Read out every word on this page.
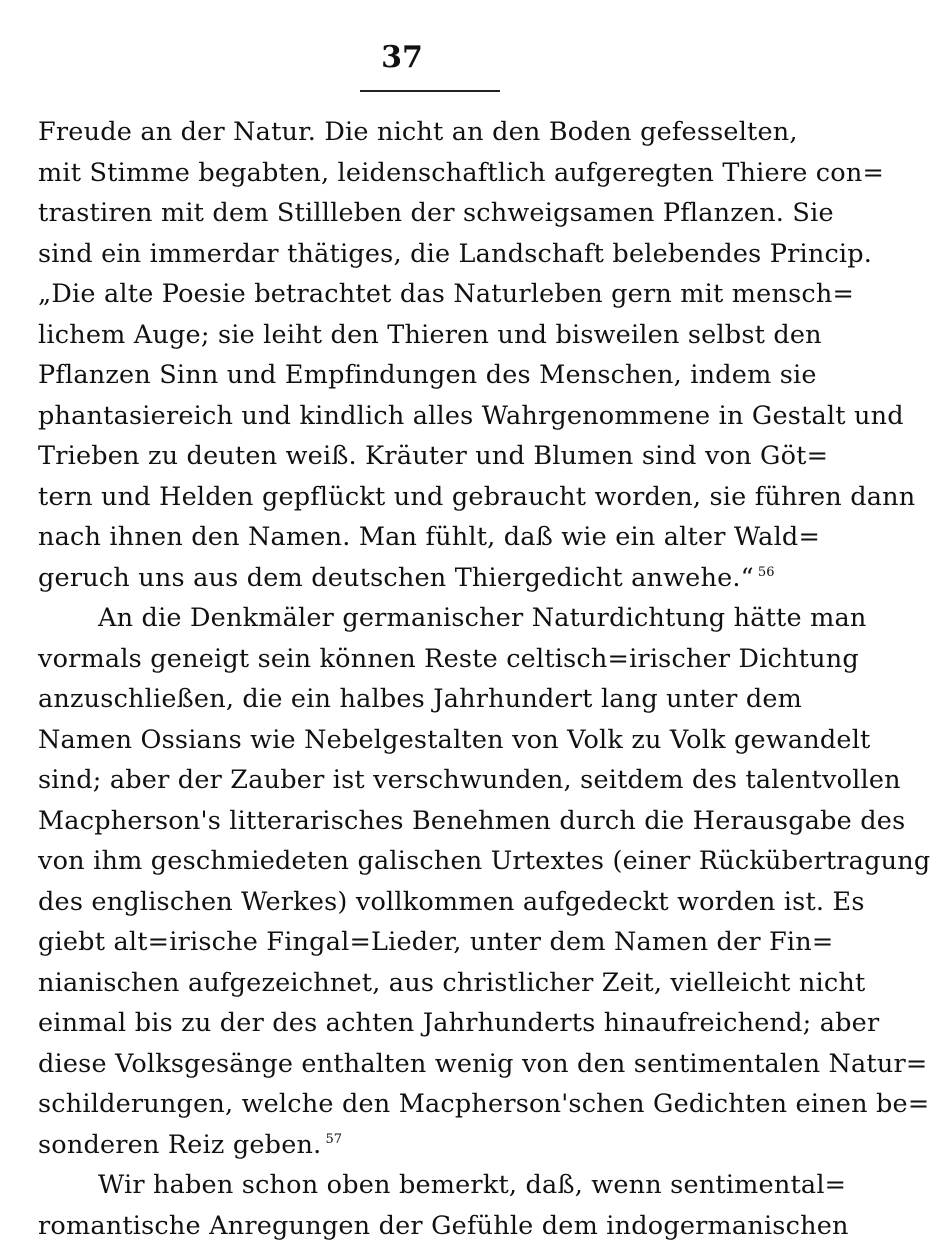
37
Freude an der Natur. Die nicht an den Boden gefesselten,
mit Stimme begabten, leidenschaftlich aufgeregten Thiere con=
trastiren mit dem Stillleben der schweigsamen Pflanzen. Sie
sind ein immerdar thätiges, die Landschaft belebendes Princip.
„Die alte Poesie betrachtet das Naturleben gern mit mensch=
lichem Auge; sie leiht den Thieren und bisweilen selbst den
Pflanzen Sinn und Empfindungen des Menschen, indem sie
phantasiereich und kindlich alles Wahrgenommene in Gestalt und
Trieben zu deuten weiß. Kräuter und Blumen sind von Göt=
tern und Helden gepflückt und gebraucht worden, sie führen dann
nach ihnen den Namen. Man fühlt, daß wie ein alter Wald=
geruch uns aus dem deutschen Thiergedicht anwehe.“ $^{56}$
An die Denkmäler germanischer Naturdichtung hätte man
vormals geneigt sein können Reste celtisch=irischer Dichtung
anzuschließen, die ein halbes Jahrhundert lang unter dem
Namen Ossians wie Nebelgestalten von Volk zu Volk gewandelt
sind; aber der Zauber ist verschwunden, seitdem des talentvollen
Macpherson's litterarisches Benehmen durch die Herausgabe des
von ihm geschmiedeten galischen Urtextes (einer Rückübertragung
des englischen Werkes) vollkommen aufgedeckt worden ist. Es
giebt alt=irische Fingal=Lieder, unter dem Namen der Fin=
nianischen aufgezeichnet, aus christlicher Zeit, vielleicht nicht
einmal bis zu der des achten Jahrhunderts hinaufreichend; aber
diese Volksgesänge enthalten wenig von den sentimentalen Natur=
schilderungen, welche den Macpherson'schen Gedichten einen be=
sonderen Reiz geben. $^{57}$
Wir haben schon oben bemerkt, daß, wenn sentimental=
romantische Anregungen der Gefühle dem indogermanischen
